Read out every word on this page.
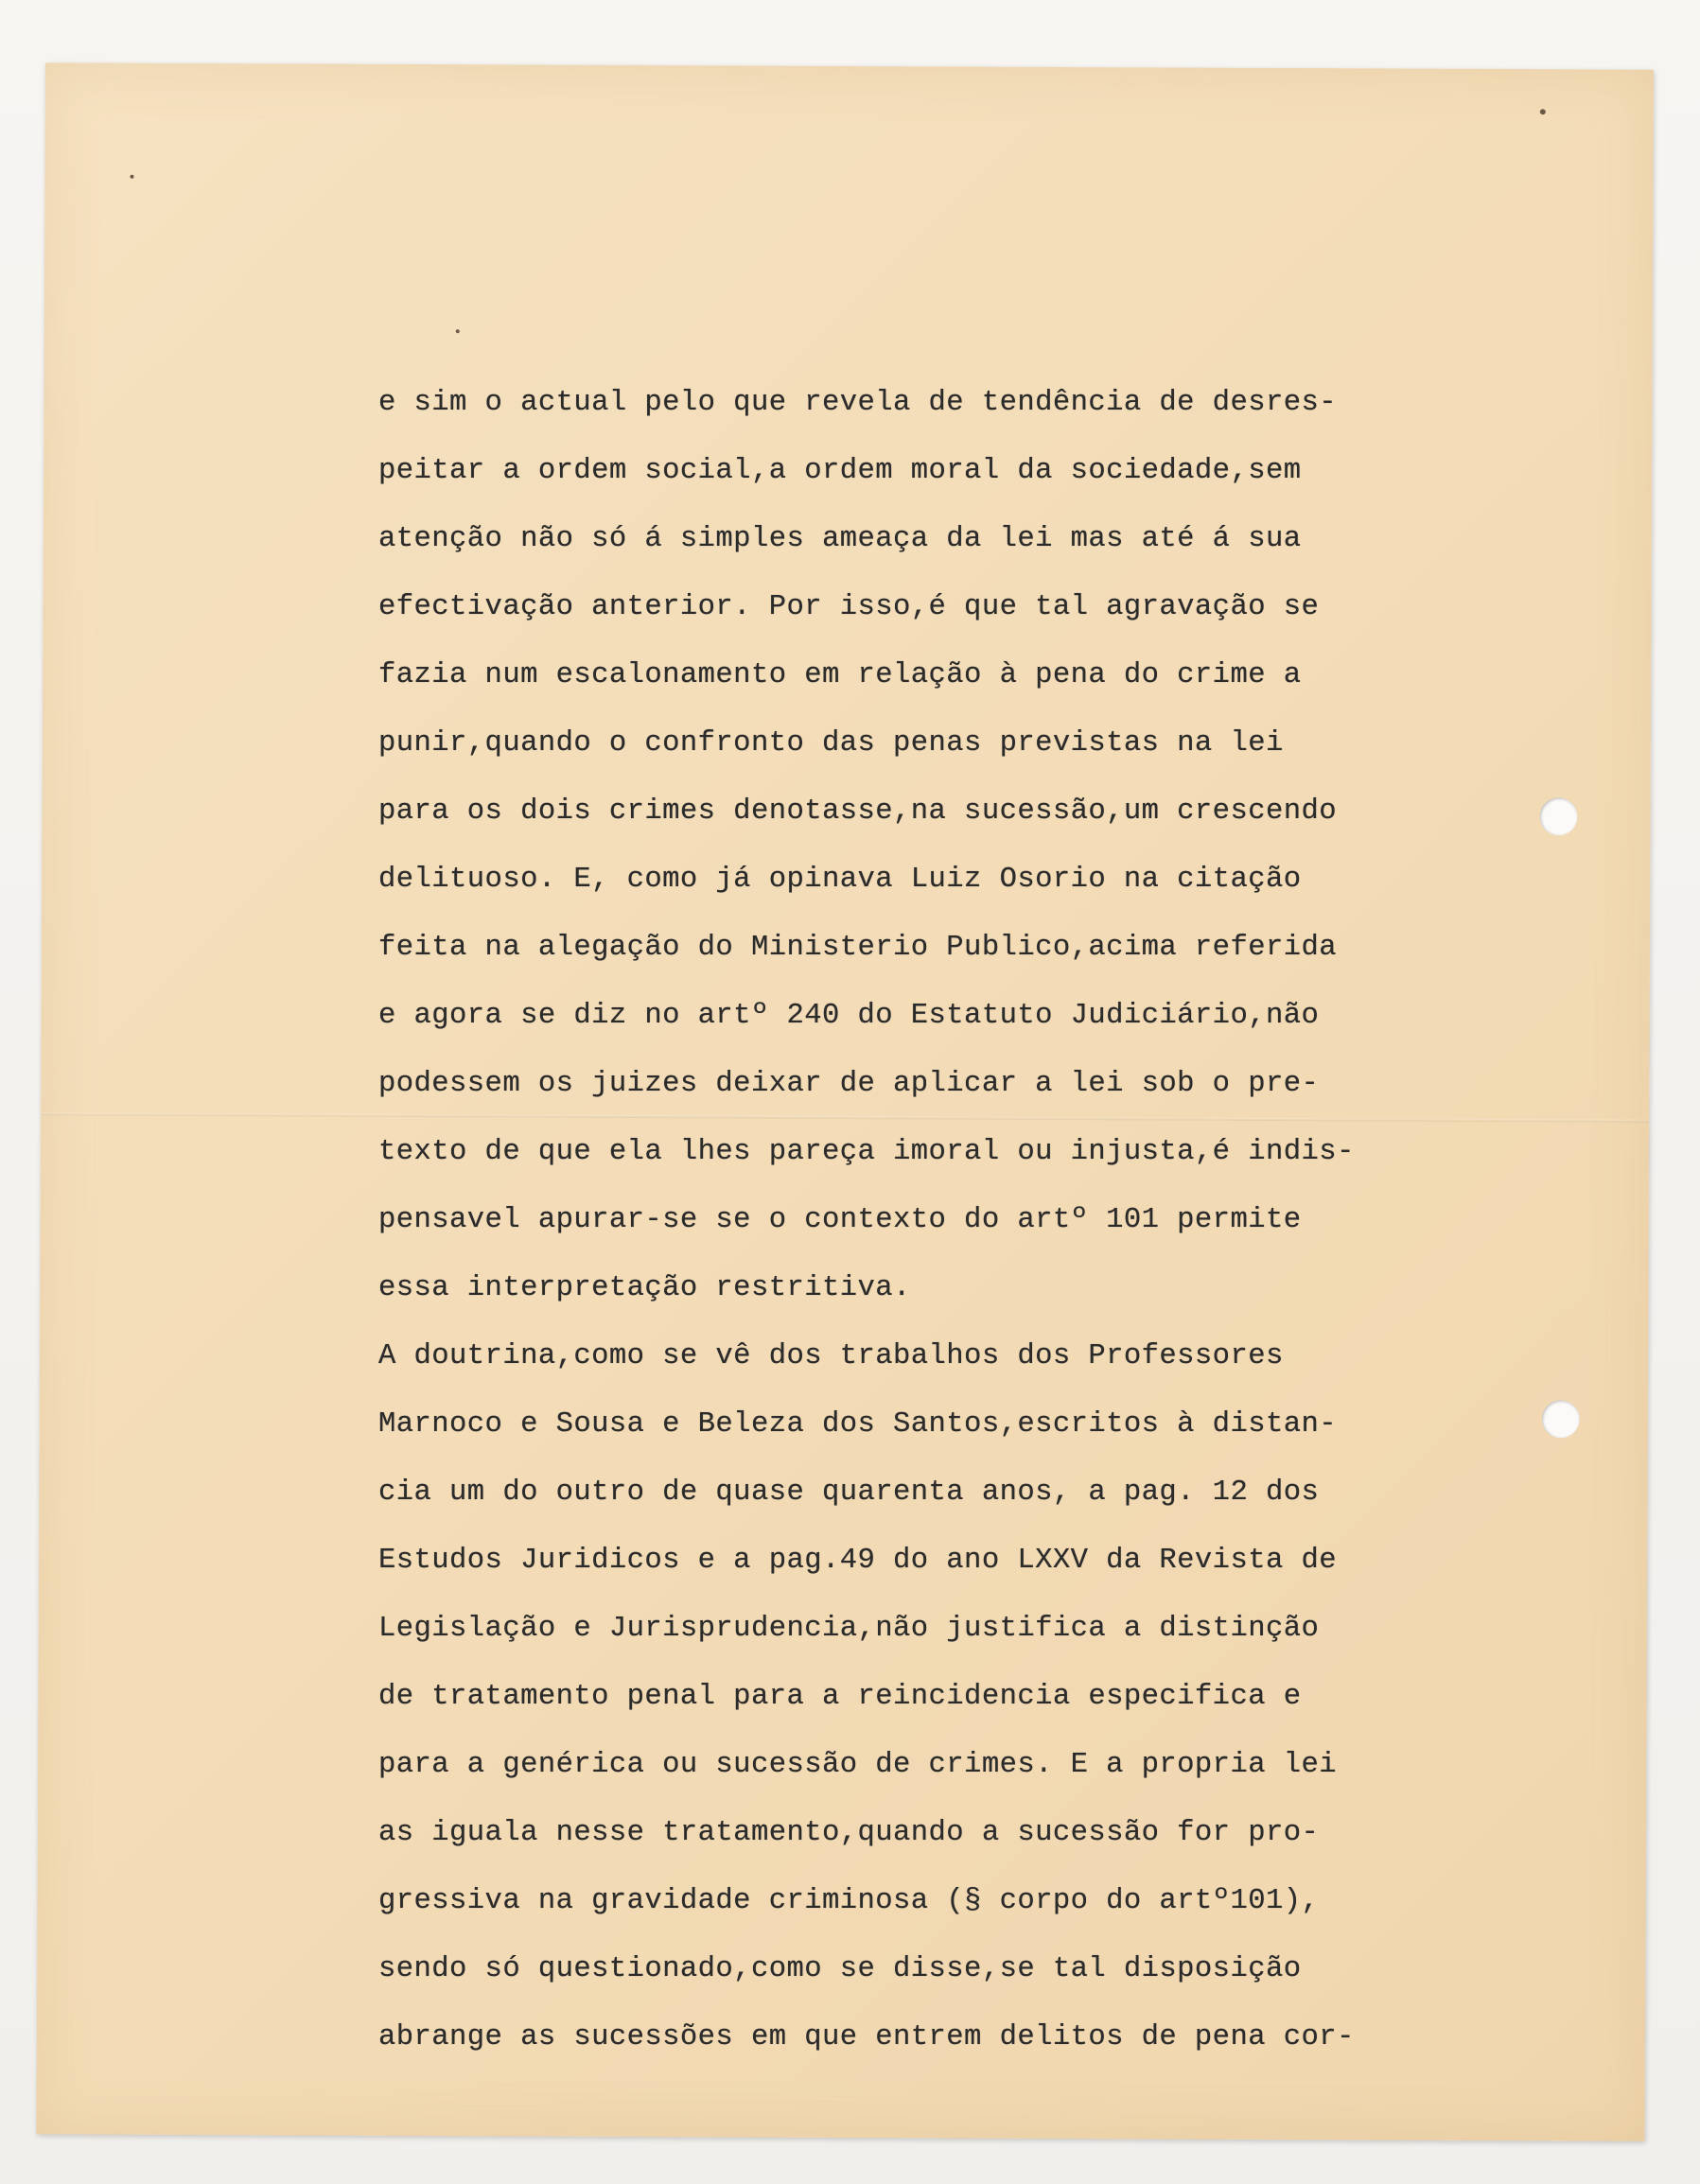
e sim o actual pelo que revela de tendência de desres-
peitar a ordem social,a ordem moral da sociedade,sem
atenção não só á simples ameaça da lei mas até á sua
efectivação anterior. Por isso,é que tal agravação se
fazia num escalonamento em relação à pena do crime a
punir,quando o confronto das penas previstas na lei
para os dois crimes denotasse,na sucessão,um crescendo
delituoso. E, como já opinava Luiz Osorio na citação
feita na alegação do Ministerio Publico,acima referida
e agora se diz no artº 240 do Estatuto Judiciário,não
podessem os juizes deixar de aplicar a lei sob o pre-
texto de que ela lhes pareça imoral ou injusta,é indis-
pensavel apurar-se se o contexto do artº 101 permite
essa interpretação restritiva.
A doutrina,como se vê dos trabalhos dos Professores
Marnoco e Sousa e Beleza dos Santos,escritos à distan-
cia um do outro de quase quarenta anos, a pag. 12 dos
Estudos Juridicos e a pag.49 do ano LXXV da Revista de
Legislação e Jurisprudencia,não justifica a distinção
de tratamento penal para a reincidencia especifica e
para a genérica ou sucessão de crimes. E a propria lei
as iguala nesse tratamento,quando a sucessão for pro-
gressiva na gravidade criminosa (§ corpo do artº101),
sendo só questionado,como se disse,se tal disposição
abrange as sucessões em que entrem delitos de pena cor-
